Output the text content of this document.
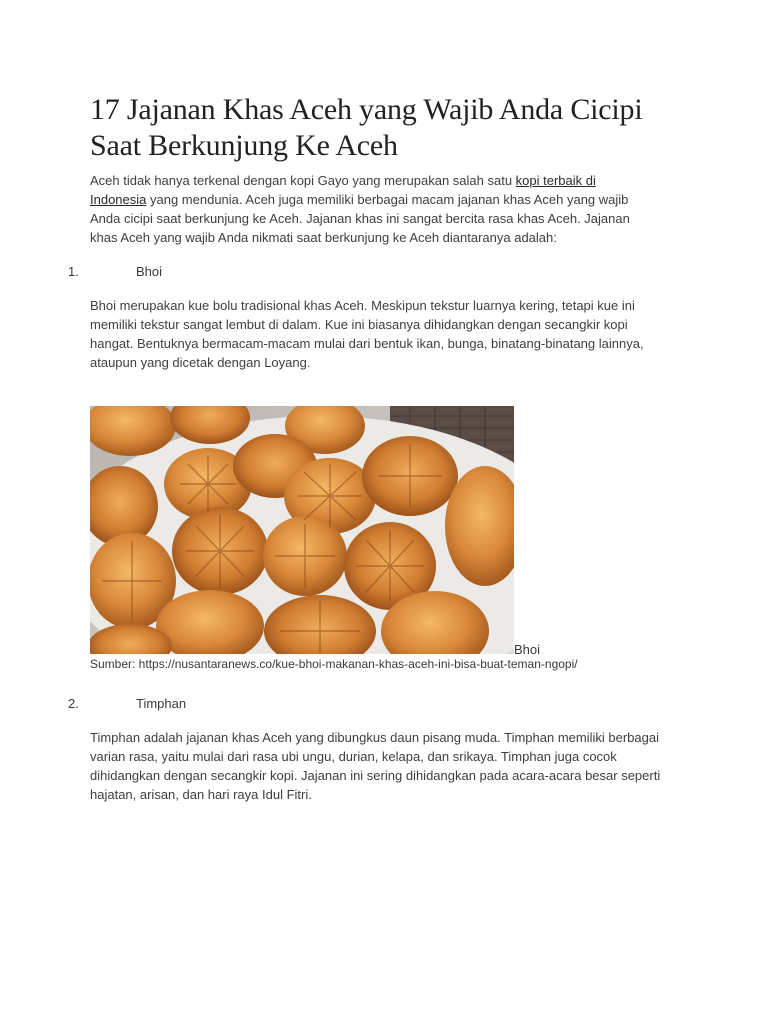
17 Jajanan Khas Aceh yang Wajib Anda Cicipi Saat Berkunjung Ke Aceh

Aceh tidak hanya terkenal dengan kopi Gayo yang merupakan salah satu kopi terbaik di Indonesia yang mendunia. Aceh juga memiliki berbagai macam jajanan khas Aceh yang wajib Anda cicipi saat berkunjung ke Aceh. Jajanan khas ini sangat bercita rasa khas Aceh. Jajanan khas Aceh yang wajib Anda nikmati saat berkunjung ke Aceh diantaranya adalah:

1.	Bhoi

Bhoi merupakan kue bolu tradisional khas Aceh. Meskipun tekstur luarnya kering, tetapi kue ini memiliki tekstur sangat lembut di dalam. Kue ini biasanya dihidangkan dengan secangkir kopi hangat. Bentuknya bermacam-macam mulai dari bentuk ikan, bunga, binatang-binatang lainnya, ataupun yang dicetak dengan Loyang.

Bhoi
Sumber: https://nusantaranews.co/kue-bhoi-makanan-khas-aceh-ini-bisa-buat-teman-ngopi/
2.	Timphan

Timphan adalah jajanan khas Aceh yang dibungkus daun pisang muda. Timphan memiliki berbagai varian rasa, yaitu mulai dari rasa ubi ungu, durian, kelapa, dan srikaya. Timphan juga cocok dihidangkan dengan secangkir kopi. Jajanan ini sering dihidangkan pada acara-acara besar seperti hajatan, arisan, dan hari raya Idul Fitri.
